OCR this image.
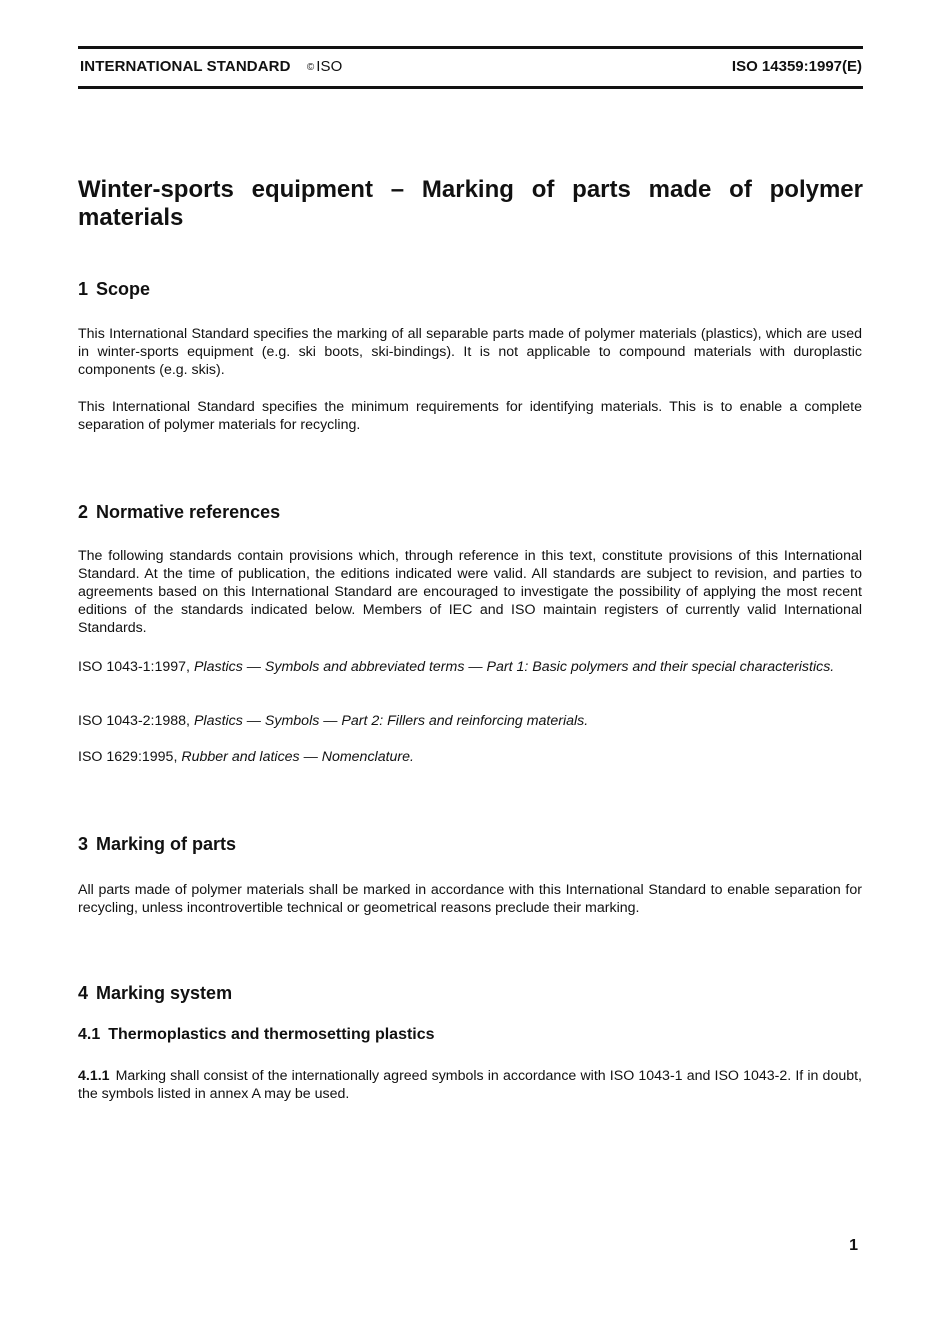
INTERNATIONAL STANDARD © ISO	ISO 14359:1997(E)
Winter-sports equipment – Marking of parts made of polymer materials
1 Scope

This International Standard specifies the marking of all separable parts made of polymer materials (plastics), which are used in winter-sports equipment (e.g. ski boots, ski-bindings). It is not applicable to compound materials with duroplastic components (e.g. skis).

This International Standard specifies the minimum requirements for identifying materials. This is to enable a complete separation of polymer materials for recycling.

2 Normative references

The following standards contain provisions which, through reference in this text, constitute provisions of this International Standard. At the time of publication, the editions indicated were valid. All standards are subject to revision, and parties to agreements based on this International Standard are encouraged to investigate the possibility of applying the most recent editions of the standards indicated below. Members of IEC and ISO maintain registers of currently valid International Standards.

ISO 1043-1:1997, Plastics — Symbols and abbreviated terms — Part 1: Basic polymers and their special characteristics.

ISO 1043-2:1988, Plastics — Symbols — Part 2: Fillers and reinforcing materials.

ISO 1629:1995, Rubber and latices — Nomenclature.

3 Marking of parts

All parts made of polymer materials shall be marked in accordance with this International Standard to enable separation for recycling, unless incontrovertible technical or geometrical reasons preclude their marking.

4 Marking system
4.1 Thermoplastics and thermosetting plastics

4.1.1 Marking shall consist of the internationally agreed symbols in accordance with ISO 1043-1 and ISO 1043-2. If in doubt, the symbols listed in annex A may be used.

1
